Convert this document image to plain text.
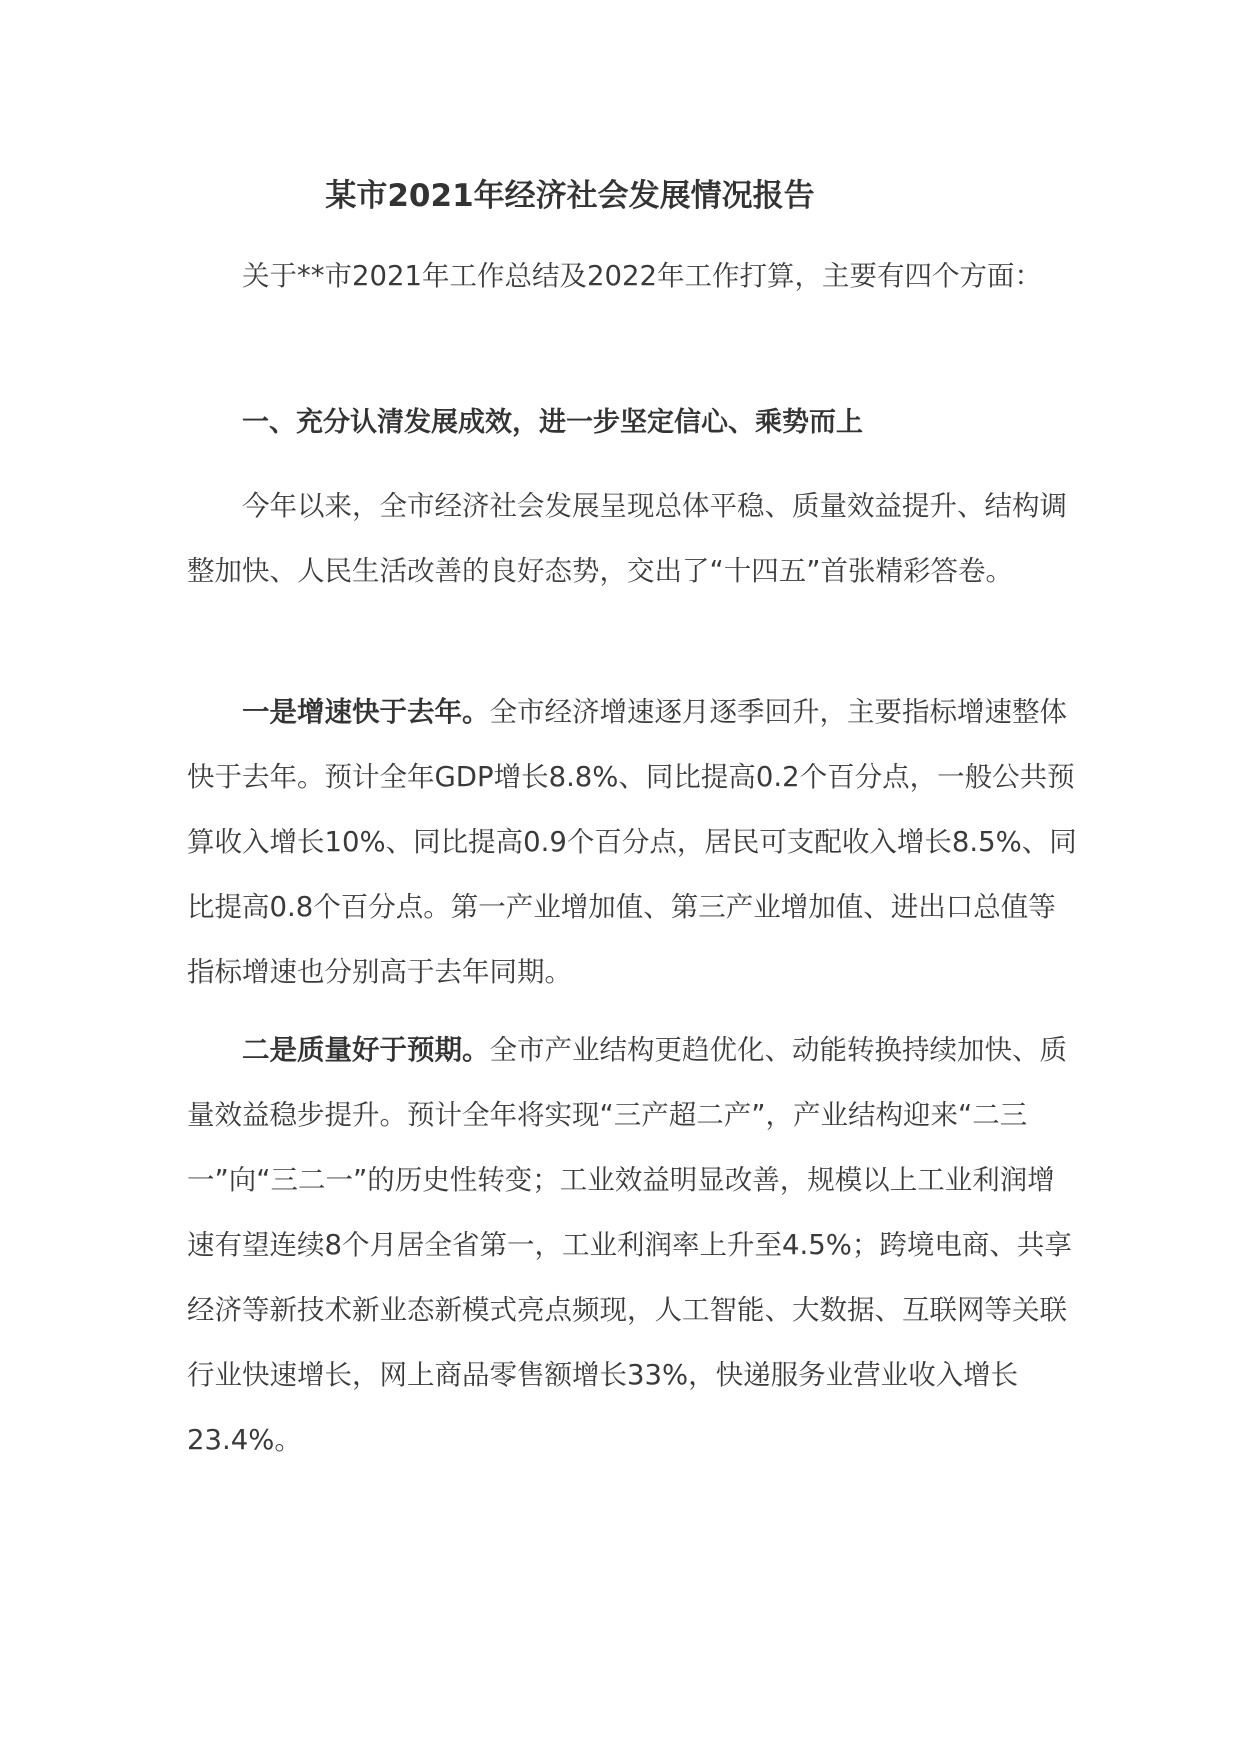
某市2021年经济社会发展情况报告

关于**市2021年工作总结及2022年工作打算，主要有四个方面：

一、充分认清发展成效，进一步坚定信心、乘势而上

今年以来，全市经济社会发展呈现总体平稳、质量效益提升、结构调整加快、人民生活改善的良好态势，交出了“十四五”首张精彩答卷。

一是增速快于去年。全市经济增速逐月逐季回升，主要指标增速整体快于去年。预计全年GDP增长8.8%、同比提高0.2个百分点，一般公共预算收入增长10%、同比提高0.9个百分点，居民可支配收入增长8.5%、同比提高0.8个百分点。第一产业增加值、第三产业增加值、进出口总值等指标增速也分别高于去年同期。

二是质量好于预期。全市产业结构更趋优化、动能转换持续加快、质量效益稳步提升。预计全年将实现“三产超二产”，产业结构迎来“二三一”向“三二一”的历史性转变；工业效益明显改善，规模以上工业利润增速有望连续8个月居全省第一，工业利润率上升至4.5%；跨境电商、共享经济等新技术新业态新模式亮点频现，人工智能、大数据、互联网等关联行业快速增长，网上商品零售额增长33%，快递服务业营业收入增长23.4%。
